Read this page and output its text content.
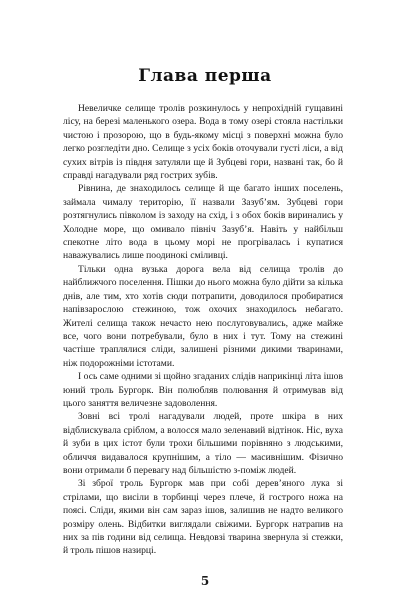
Глава перша

Невеличке селище тролів розкинулось у непрохідній гущавині лісу, на березі маленького озера. Вода в тому озері стояла настільки чистою і прозорою, що в будь-якому місці з поверхні можна було легко розгледіти дно. Селище з усіх боків оточували густі ліси, а від сухих вітрів із півдня затуляли ще й Зубцеві гори, названі так, бо й справді нагадували ряд гострих зубів.

Рівнина, де знаходилось селище й ще багато інших поселень, займала чималу територію, її назвали Зазуб’ям. Зубцеві гори розтягнулись півколом із заходу на схід, і з обох боків виринались у Холодне море, що омивало північ Зазуб’я. Навіть у найбільш спекотне літо вода в цьому морі не прогрівалась і купатися наважувались лише поодинокі сміливці.

Тільки одна вузька дорога вела від селища тролів до найближчого поселення. Пішки до нього можна було дійти за кілька днів, але тим, хто хотів сюди потрапити, доводилося пробиратися напівзарослою стежиною, тож охочих знаходилось небагато. Жителі селища також нечасто нею послуговувались, адже майже все, чого вони потребували, було в них і тут. Тому на стежині частіше траплялися сліди, залишені різними дикими тваринами, ніж подорожніми істотами.

І ось саме одними зі щойно згаданих слідів наприкінці літа ішов юний троль Бургорк. Він полюбляв полювання й отримував від цього заняття величезне задоволення.

Зовні всі тролі нагадували людей, проте шкіра в них відблискувала сріблом, а волосся мало зеленавий відтінок. Ніс, вуха й зуби в цих істот були трохи більшими порівняно з людськими, обличчя видавалося крупнішим, а тіло — масивнішим. Фізично вони отримали б перевагу над більшістю з-поміж людей.

Зі зброї троль Бургорк мав при собі дерев’яного лука зі стрілами, що висіли в торбинці через плече, й гострого ножа на поясі. Сліди, якими він сам зараз ішов, залишив не надто великого розміру олень. Відбитки виглядали свіжими. Бургорк натрапив на них за пів години від селища. Невдовзі тварина звернула зі стежки, й троль пішов назирці.

5
